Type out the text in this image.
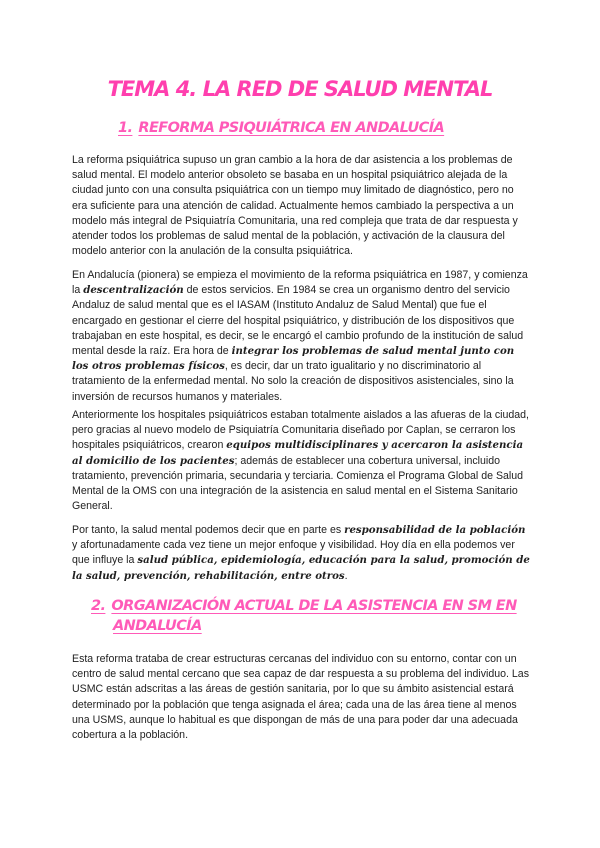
TEMA 4. LA RED DE SALUD MENTAL
1. REFORMA PSIQUIÁTRICA EN ANDALUCÍA

La reforma psiquiátrica supuso un gran cambio a la hora de dar asistencia a los problemas de salud mental. El modelo anterior obsoleto se basaba en un hospital psiquiátrico alejada de la ciudad junto con una consulta psiquiátrica con un tiempo muy limitado de diagnóstico, pero no era suficiente para una atención de calidad. Actualmente hemos cambiado la perspectiva a un modelo más integral de Psiquiatría Comunitaria, una red compleja que trata de dar respuesta y atender todos los problemas de salud mental de la población, y activación de la clausura del modelo anterior con la anulación de la consulta psiquiátrica.

En Andalucía (pionera) se empieza el movimiento de la reforma psiquiátrica en 1987, y comienza la descentralización de estos servicios. En 1984 se crea un organismo dentro del servicio Andaluz de salud mental que es el IASAM (Instituto Andaluz de Salud Mental) que fue el encargado en gestionar el cierre del hospital psiquiátrico, y distribución de los dispositivos que trabajaban en este hospital, es decir, se le encargó el cambio profundo de la institución de salud mental desde la raíz. Era hora de integrar los problemas de salud mental junto con los otros problemas físicos, es decir, dar un trato igualitario y no discriminatorio al tratamiento de la enfermedad mental. No solo la creación de dispositivos asistenciales, sino la inversión de recursos humanos y materiales.

Anteriormente los hospitales psiquiátricos estaban totalmente aislados a las afueras de la ciudad, pero gracias al nuevo modelo de Psiquiatría Comunitaria diseñado por Caplan, se cerraron los hospitales psiquiátricos, crearon equipos multidisciplinares y acercaron la asistencia al domicilio de los pacientes; además de establecer una cobertura universal, incluido tratamiento, prevención primaria, secundaria y terciaria. Comienza el Programa Global de Salud Mental de la OMS con una integración de la asistencia en salud mental en el Sistema Sanitario General.

Por tanto, la salud mental podemos decir que en parte es responsabilidad de la población y afortunadamente cada vez tiene un mejor enfoque y visibilidad. Hoy día en ella podemos ver que influye la salud pública, epidemiología, educación para la salud, promoción de la salud, prevención, rehabilitación, entre otros.

2. ORGANIZACIÓN ACTUAL DE LA ASISTENCIA EN SM EN
ANDALUCÍA

Esta reforma trataba de crear estructuras cercanas del individuo con su entorno, contar con un centro de salud mental cercano que sea capaz de dar respuesta a su problema del individuo. Las USMC están adscritas a las áreas de gestión sanitaria, por lo que su ámbito asistencial estará determinado por la población que tenga asignada el área; cada una de las área tiene al menos una USMS, aunque lo habitual es que dispongan de más de una para poder dar una adecuada cobertura a la población.
